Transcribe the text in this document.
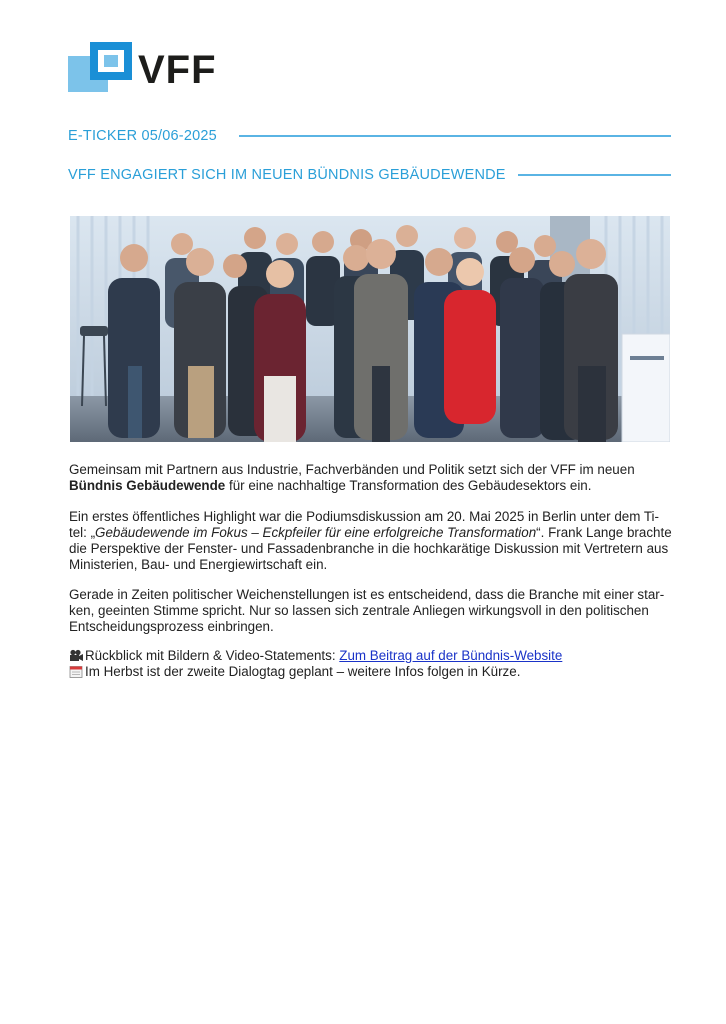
VFF
E-TICKER 05/06-2025
VFF ENGAGIERT SICH IM NEUEN BÜNDNIS GEBÄUDEWENDE

Gemeinsam mit Partnern aus Industrie, Fachverbänden und Politik setzt sich der VFF im neuen
Bündnis Gebäudewende für eine nachhaltige Transformation des Gebäudesektors ein.

Ein erstes öffentliches Highlight war die Podiumsdiskussion am 20. Mai 2025 in Berlin unter dem Ti-
tel: „Gebäudewende im Fokus – Eckpfeiler für eine erfolgreiche Transformation“. Frank Lange brachte
die Perspektive der Fenster- und Fassadenbranche in die hochkarätige Diskussion mit Vertretern aus
Ministerien, Bau- und Energiewirtschaft ein.

Gerade in Zeiten politischer Weichenstellungen ist es entscheidend, dass die Branche mit einer star-
ken, geeinten Stimme spricht. Nur so lassen sich zentrale Anliegen wirkungsvoll in den politischen
Entscheidungsprozess einbringen.

Rückblick mit Bildern & Video-Statements: Zum Beitrag auf der Bündnis-Website
Im Herbst ist der zweite Dialogtag geplant – weitere Infos folgen in Kürze.
